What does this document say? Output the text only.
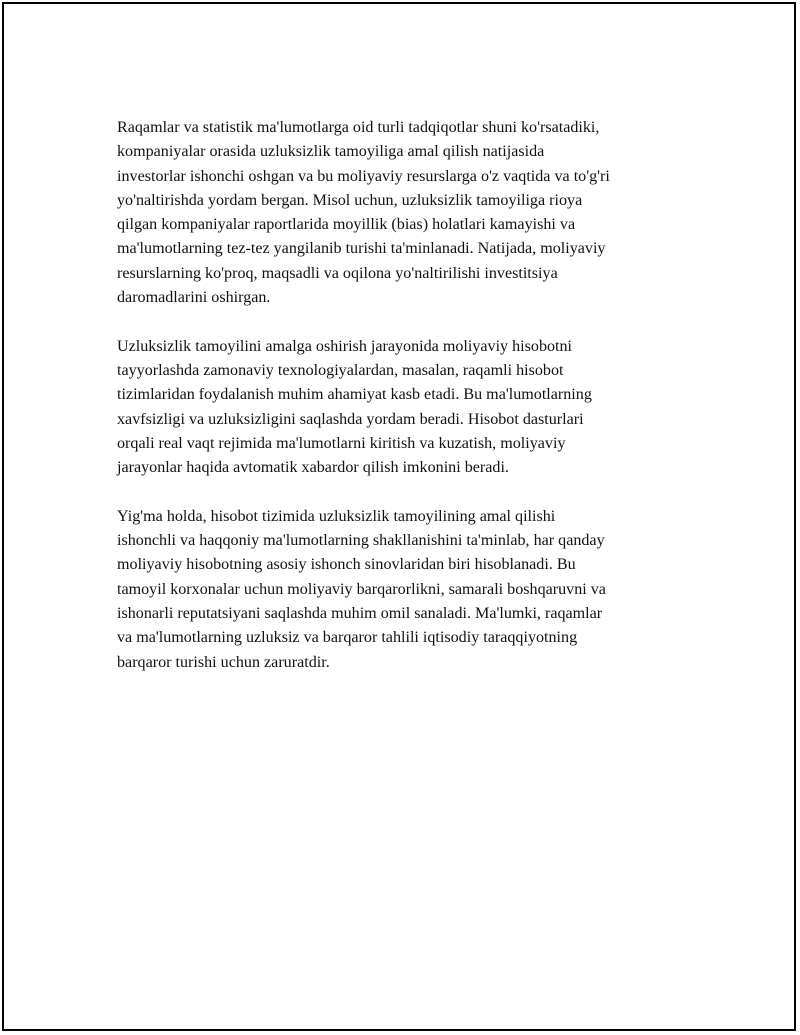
Raqamlar va statistik ma'lumotlarga oid turli tadqiqotlar shuni ko'rsatadiki,
kompaniyalar orasida uzluksizlik tamoyiliga amal qilish natijasida
investorlar ishonchi oshgan va bu moliyaviy resurslarga o'z vaqtida va to'g'ri
yo'naltirishda yordam bergan. Misol uchun, uzluksizlik tamoyiliga rioya
qilgan kompaniyalar raportlarida moyillik (bias) holatlari kamayishi va
ma'lumotlarning tez-tez yangilanib turishi ta'minlanadi. Natijada, moliyaviy
resurslarning ko'proq, maqsadli va oqilona yo'naltirilishi investitsiya
daromadlarini oshirgan.

Uzluksizlik tamoyilini amalga oshirish jarayonida moliyaviy hisobotni
tayyorlashda zamonaviy texnologiyalardan, masalan, raqamli hisobot
tizimlaridan foydalanish muhim ahamiyat kasb etadi. Bu ma'lumotlarning
xavfsizligi va uzluksizligini saqlashda yordam beradi. Hisobot dasturlari
orqali real vaqt rejimida ma'lumotlarni kiritish va kuzatish, moliyaviy
jarayonlar haqida avtomatik xabardor qilish imkonini beradi.

Yig'ma holda, hisobot tizimida uzluksizlik tamoyilining amal qilishi
ishonchli va haqqoniy ma'lumotlarning shakllanishini ta'minlab, har qanday
moliyaviy hisobotning asosiy ishonch sinovlaridan biri hisoblanadi. Bu
tamoyil korxonalar uchun moliyaviy barqarorlikni, samarali boshqaruvni va
ishonarli reputatsiyani saqlashda muhim omil sanaladi. Ma'lumki, raqamlar
va ma'lumotlarning uzluksiz va barqaror tahlili iqtisodiy taraqqiyotning
barqaror turishi uchun zaruratdir.
